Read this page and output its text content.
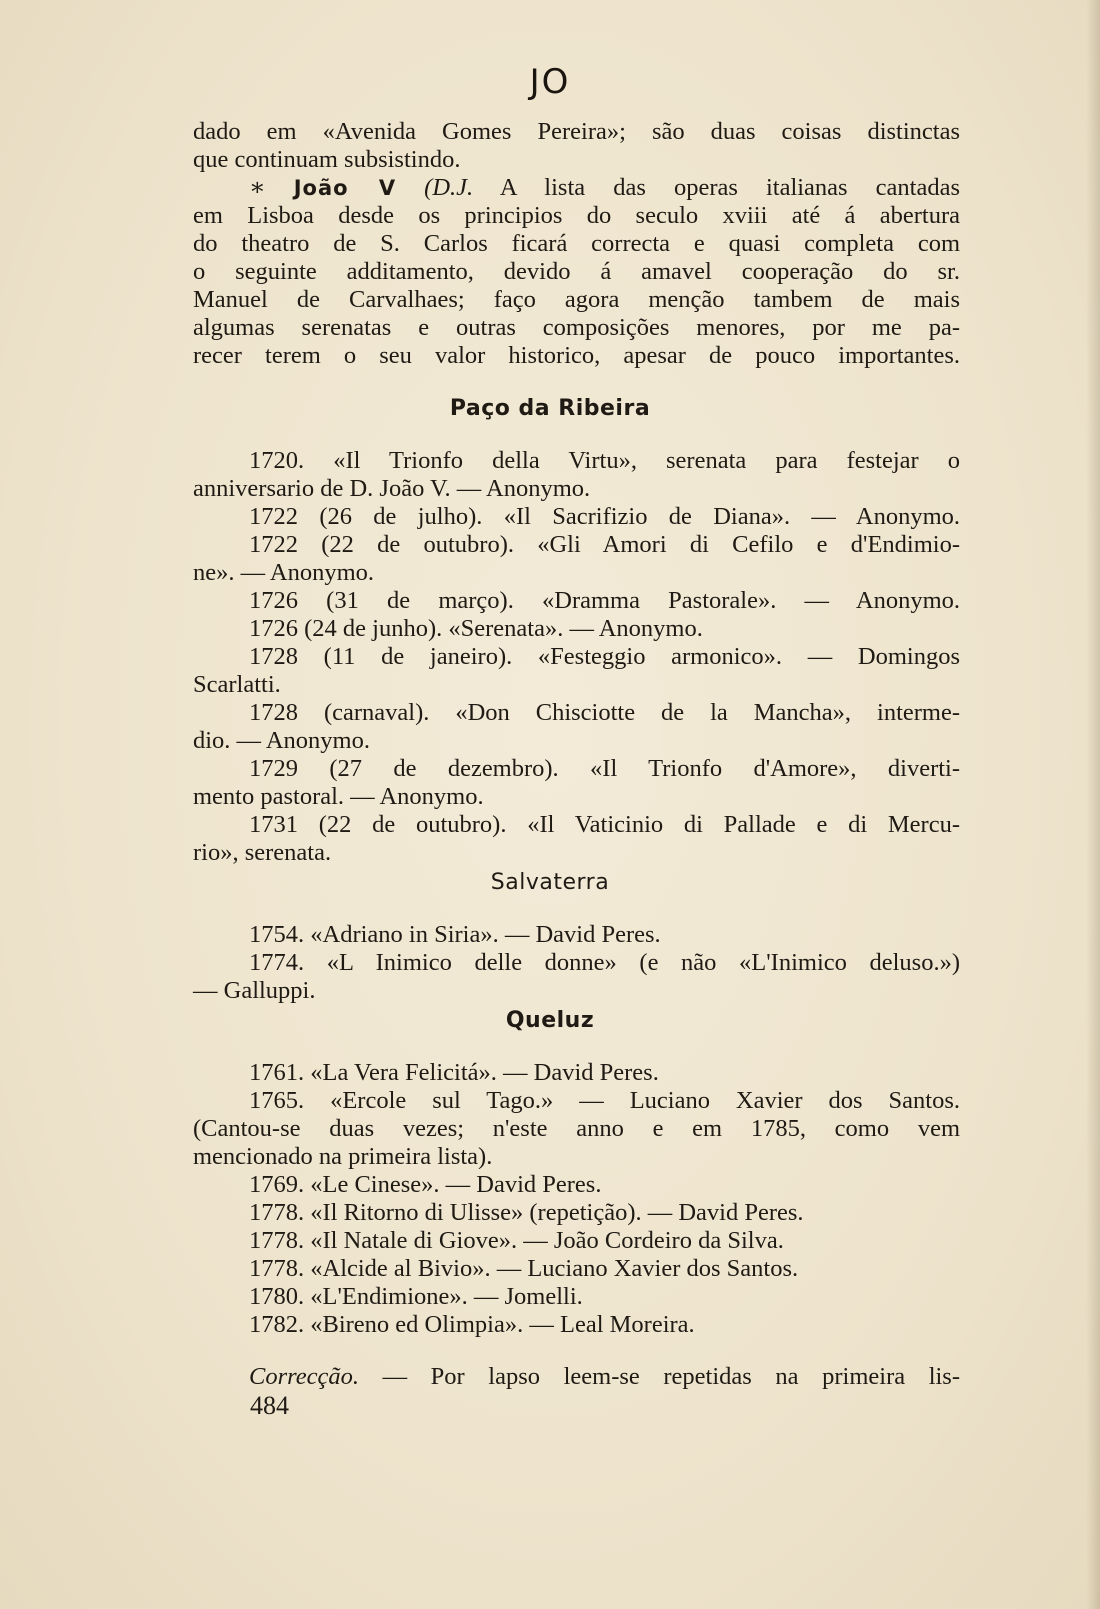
JO

dado em «Avenida Gomes Pereira»; são duas coisas distinctas

que continuam subsistindo.

∗ João V (D.J. A lista das operas italianas cantadas

em Lisboa desde os principios do seculo xviii até á abertura

do theatro de S. Carlos ficará correcta e quasi completa com

o seguinte additamento, devido á amavel cooperação do sr.

Manuel de Carvalhaes; faço agora menção tambem de mais

algumas serenatas e outras composições menores, por me pa-

recer terem o seu valor historico, apesar de pouco importantes.

Paço da Ribeira

1720. «Il Trionfo della Virtu», serenata para festejar o

anniversario de D. João V. — Anonymo.

1722 (26 de julho). «Il Sacrifizio de Diana». — Anonymo.

1722 (22 de outubro). «Gli Amori di Cefilo e d'Endimio-

ne». — Anonymo.

1726 (31 de março). «Dramma Pastorale». — Anonymo.

1726 (24 de junho). «Serenata». — Anonymo.

1728 (11 de janeiro). «Festeggio armonico». — Domingos

Scarlatti.

1728 (carnaval). «Don Chisciotte de la Mancha», interme-

dio. — Anonymo.

1729 (27 de dezembro). «Il Trionfo d'Amore», diverti-

mento pastoral. — Anonymo.

1731 (22 de outubro). «Il Vaticinio di Pallade e di Mercu-

rio», serenata.

Salvaterra

1754. «Adriano in Siria». — David Peres.

1774. «L Inimico delle donne» (e não «L'Inimico deluso.»)

— Galluppi.

Queluz

1761. «La Vera Felicitá». — David Peres.

1765. «Ercole sul Tago.» — Luciano Xavier dos Santos.

(Cantou-se duas vezes; n'este anno e em 1785, como vem

mencionado na primeira lista).

1769. «Le Cinese». — David Peres.

1778. «Il Ritorno di Ulisse» (repetição). — David Peres.

1778. «Il Natale di Giove». — João Cordeiro da Silva.

1778. «Alcide al Bivio». — Luciano Xavier dos Santos.

1780. «L'Endimione». — Jomelli.

1782. «Bireno ed Olimpia». — Leal Moreira.

Correcção. — Por lapso leem-se repetidas na primeira lis-

484
